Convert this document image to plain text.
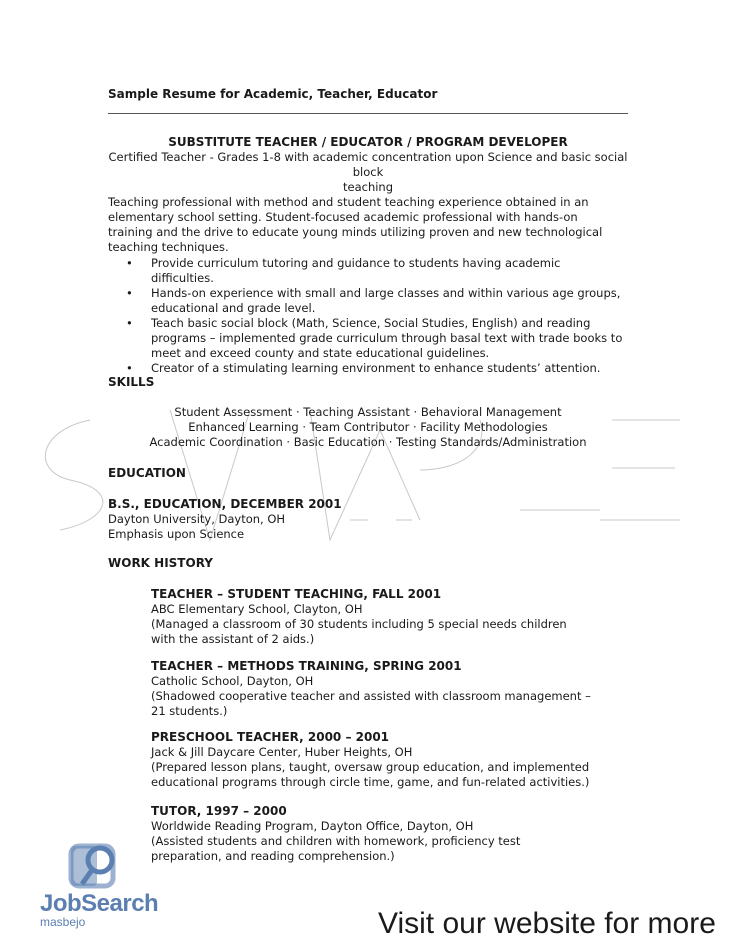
Sample Resume for Academic, Teacher, Educator
SUBSTITUTE TEACHER / EDUCATOR / PROGRAM DEVELOPER
Certified Teacher - Grades 1-8 with academic concentration upon Science and basic social block
teaching
Teaching professional with method and student teaching experience obtained in an elementary school setting. Student-focused academic professional with hands-on training and the drive to educate young minds utilizing proven and new technological teaching techniques.
• Provide curriculum tutoring and guidance to students having academic difficulties.
• Hands-on experience with small and large classes and within various age groups, educational and grade level.
• Teach basic social block (Math, Science, Social Studies, English) and reading programs – implemented grade curriculum through basal text with trade books to meet and exceed county and state educational guidelines.
• Creator of a stimulating learning environment to enhance students’ attention.
SKILLS
Student Assessment · Teaching Assistant · Behavioral Management
Enhanced Learning · Team Contributor · Facility Methodologies
Academic Coordination · Basic Education · Testing Standards/Administration
EDUCATION
B.S., EDUCATION, DECEMBER 2001
Dayton University, Dayton, OH
Emphasis upon Science
WORK HISTORY
TEACHER – STUDENT TEACHING, FALL 2001
ABC Elementary School, Clayton, OH
(Managed a classroom of 30 students including 5 special needs children with the assistant of 2 aids.)
TEACHER – METHODS TRAINING, SPRING 2001
Catholic School, Dayton, OH
(Shadowed cooperative teacher and assisted with classroom management – 21 students.)
PRESCHOOL TEACHER, 2000 – 2001
Jack & Jill Daycare Center, Huber Heights, OH
(Prepared lesson plans, taught, oversaw group education, and implemented educational programs through circle time, game, and fun-related activities.)
TUTOR, 1997 – 2000
Worldwide Reading Program, Dayton Office, Dayton, OH
(Assisted students and children with homework, proficiency test preparation, and reading comprehension.)
JobSearch
masbejo	Visit our website for more
